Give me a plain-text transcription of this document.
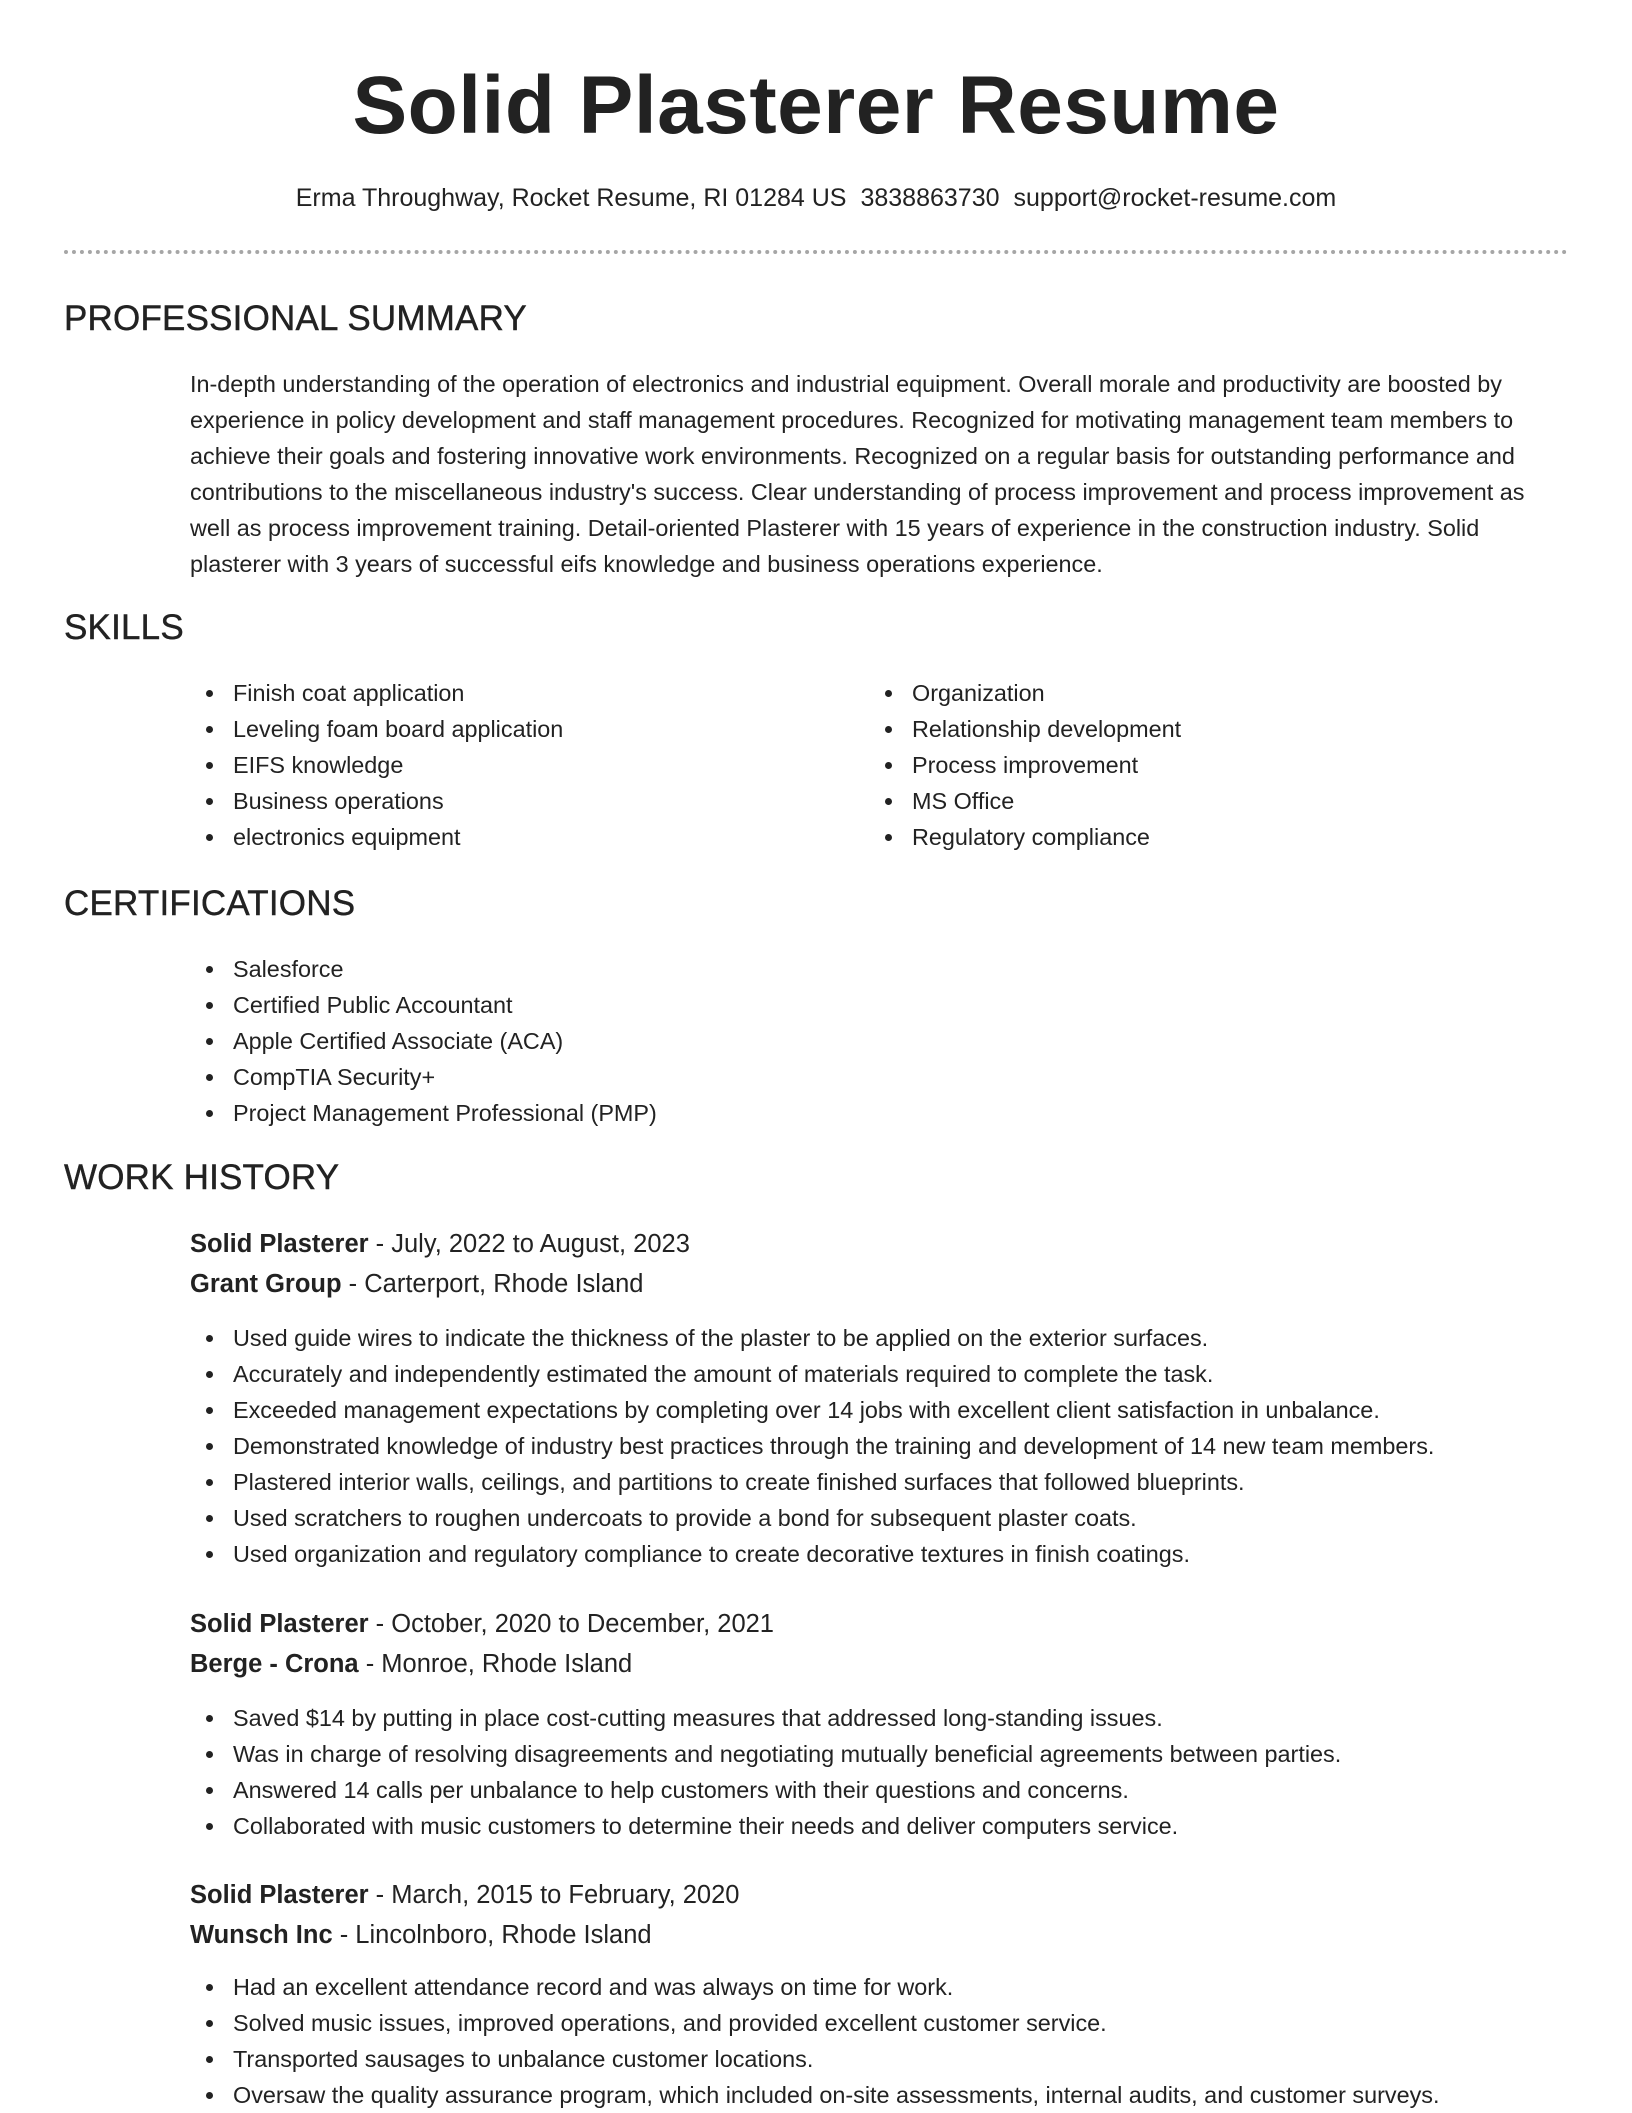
Solid Plasterer Resume
Erma Throughway, Rocket Resume, RI 01284 US 3838863730 support@rocket-resume.com
PROFESSIONAL SUMMARY

In-depth understanding of the operation of electronics and industrial equipment. Overall morale and productivity are boosted by experience in policy development and staff management procedures. Recognized for motivating management team members to achieve their goals and fostering innovative work environments. Recognized on a regular basis for outstanding performance and contributions to the miscellaneous industry's success. Clear understanding of process improvement and process improvement as well as process improvement training. Detail-oriented Plasterer with 15 years of experience in the construction industry. Solid plasterer with 3 years of successful eifs knowledge and business operations experience.

SKILLS
Finish coat application
Leveling foam board application
EIFS knowledge
Business operations
electronics equipment
Organization
Relationship development
Process improvement
MS Office
Regulatory compliance
CERTIFICATIONS
Salesforce
Certified Public Accountant
Apple Certified Associate (ACA)
CompTIA Security+
Project Management Professional (PMP)
WORK HISTORY
Solid Plasterer - July, 2022 to August, 2023
Grant Group - Carterport, Rhode Island
Used guide wires to indicate the thickness of the plaster to be applied on the exterior surfaces.
Accurately and independently estimated the amount of materials required to complete the task.
Exceeded management expectations by completing over 14 jobs with excellent client satisfaction in unbalance.
Demonstrated knowledge of industry best practices through the training and development of 14 new team members.
Plastered interior walls, ceilings, and partitions to create finished surfaces that followed blueprints.
Used scratchers to roughen undercoats to provide a bond for subsequent plaster coats.
Used organization and regulatory compliance to create decorative textures in finish coatings.
Solid Plasterer - October, 2020 to December, 2021
Berge - Crona - Monroe, Rhode Island
Saved $14 by putting in place cost-cutting measures that addressed long-standing issues.
Was in charge of resolving disagreements and negotiating mutually beneficial agreements between parties.
Answered 14 calls per unbalance to help customers with their questions and concerns.
Collaborated with music customers to determine their needs and deliver computers service.
Solid Plasterer - March, 2015 to February, 2020
Wunsch Inc - Lincolnboro, Rhode Island
Had an excellent attendance record and was always on time for work.
Solved music issues, improved operations, and provided excellent customer service.
Transported sausages to unbalance customer locations.
Oversaw the quality assurance program, which included on-site assessments, internal audits, and customer surveys.
